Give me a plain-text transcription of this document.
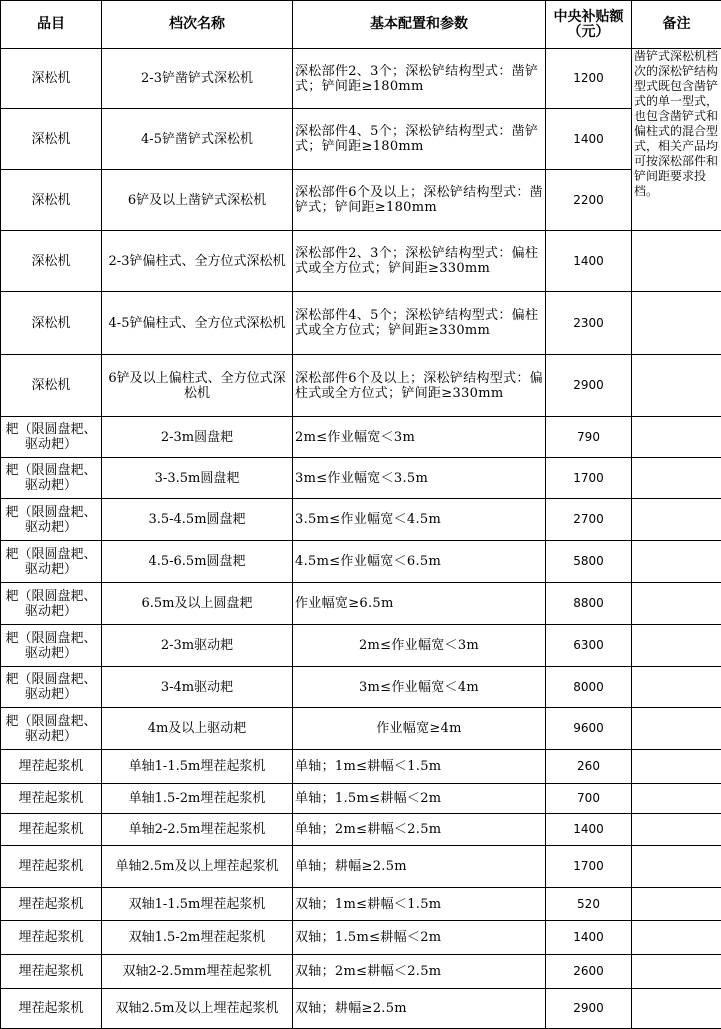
品目	档次名称	基本配置和参数	中央补贴额（元）	备注
深松机	2-3铲凿铲式深松机	深松部件2、3个；深松铲结构型式：凿铲式；铲间距≥180mm	1200	凿铲式深松机档次的深松铲结构型式既包含凿铲式的单一型式，也包含凿铲式和偏柱式的混合型式，相关产品均可按深松部件和铲间距要求投档。
深松机	4-5铲凿铲式深松机	深松部件4、5个；深松铲结构型式：凿铲式；铲间距≥180mm	1400	
深松机	6铲及以上凿铲式深松机	深松部件6个及以上；深松铲结构型式：凿铲式；铲间距≥180mm	2200	
深松机	2-3铲偏柱式、全方位式深松机	深松部件2、3个；深松铲结构型式：偏柱式或全方位式；铲间距≥330mm	1400	
深松机	4-5铲偏柱式、全方位式深松机	深松部件4、5个；深松铲结构型式：偏柱式或全方位式；铲间距≥330mm	2300	
深松机	6铲及以上偏柱式、全方位式深松机	深松部件6个及以上；深松铲结构型式：偏柱式或全方位式；铲间距≥330mm	2900	
耙（限圆盘耙、驱动耙）	2-3m圆盘耙	2m≤作业幅宽＜3m	790	
耙（限圆盘耙、驱动耙）	3-3.5m圆盘耙	3m≤作业幅宽＜3.5m	1700	
耙（限圆盘耙、驱动耙）	3.5-4.5m圆盘耙	3.5m≤作业幅宽＜4.5m	2700	
耙（限圆盘耙、驱动耙）	4.5-6.5m圆盘耙	4.5m≤作业幅宽＜6.5m	5800	
耙（限圆盘耙、驱动耙）	6.5m及以上圆盘耙	作业幅宽≥6.5m	8800	
耙（限圆盘耙、驱动耙）	2-3m驱动耙	2m≤作业幅宽＜3m	6300	
耙（限圆盘耙、驱动耙）	3-4m驱动耙	3m≤作业幅宽＜4m	8000	
耙（限圆盘耙、驱动耙）	4m及以上驱动耙	作业幅宽≥4m	9600	
埋茬起浆机	单轴1-1.5m埋茬起浆机	单轴；1m≤耕幅＜1.5m	260	
埋茬起浆机	单轴1.5-2m埋茬起浆机	单轴；1.5m≤耕幅＜2m	700	
埋茬起浆机	单轴2-2.5m埋茬起浆机	单轴；2m≤耕幅＜2.5m	1400	
埋茬起浆机	单轴2.5m及以上埋茬起浆机	单轴；耕幅≥2.5m	1700	
埋茬起浆机	双轴1-1.5m埋茬起浆机	双轴；1m≤耕幅＜1.5m	520	
埋茬起浆机	双轴1.5-2m埋茬起浆机	双轴；1.5m≤耕幅＜2m	1400	
埋茬起浆机	双轴2-2.5mm埋茬起浆机	双轴；2m≤耕幅＜2.5m	2600	
埋茬起浆机	双轴2.5m及以上埋茬起浆机	双轴；耕幅≥2.5m	2900	
